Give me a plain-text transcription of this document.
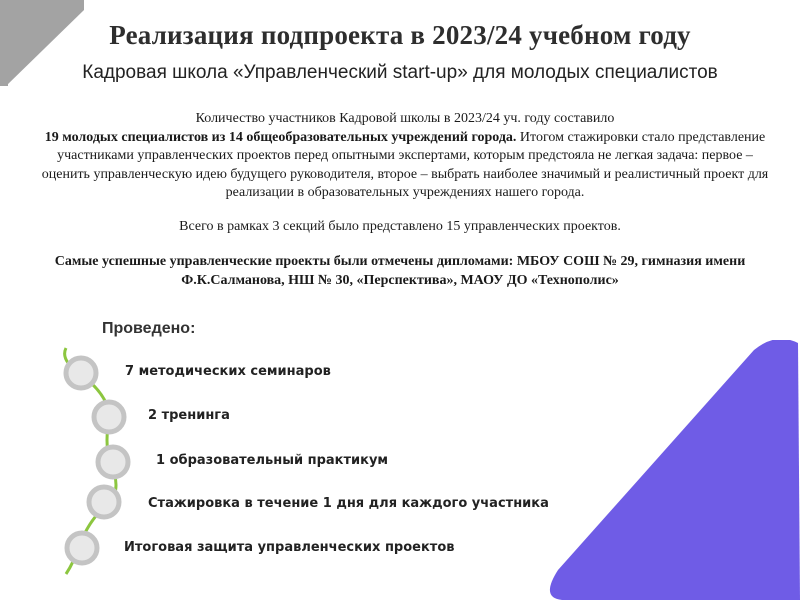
Реализация подпроекта в 2023/24 учебном году
Кадровая школа «Управленческий start-up» для молодых специалистов
Количество участников Кадровой школы в 2023/24 уч. году составило
19 молодых специалистов из 14 общеобразовательных учреждений города. Итогом стажировки стало представление участниками управленческих проектов перед опытными экспертами, которым предстояла не легкая задача: первое – оценить управленческую идею будущего руководителя, второе – выбрать наиболее значимый и реалистичный проект для реализации в образовательных учреждениях нашего города.
Всего в рамках 3 секций было представлено 15 управленческих проектов.
Самые успешные управленческие проекты были отмечены дипломами: МБОУ СОШ № 29, гимназия имени Ф.К.Салманова, НШ № 30, «Перспектива», МАОУ ДО «Технополис»
Проведено:
7 методических семинаров
2 тренинга
1 образовательный практикум
Стажировка в течение 1 дня для каждого участника
Итоговая защита управленческих проектов
